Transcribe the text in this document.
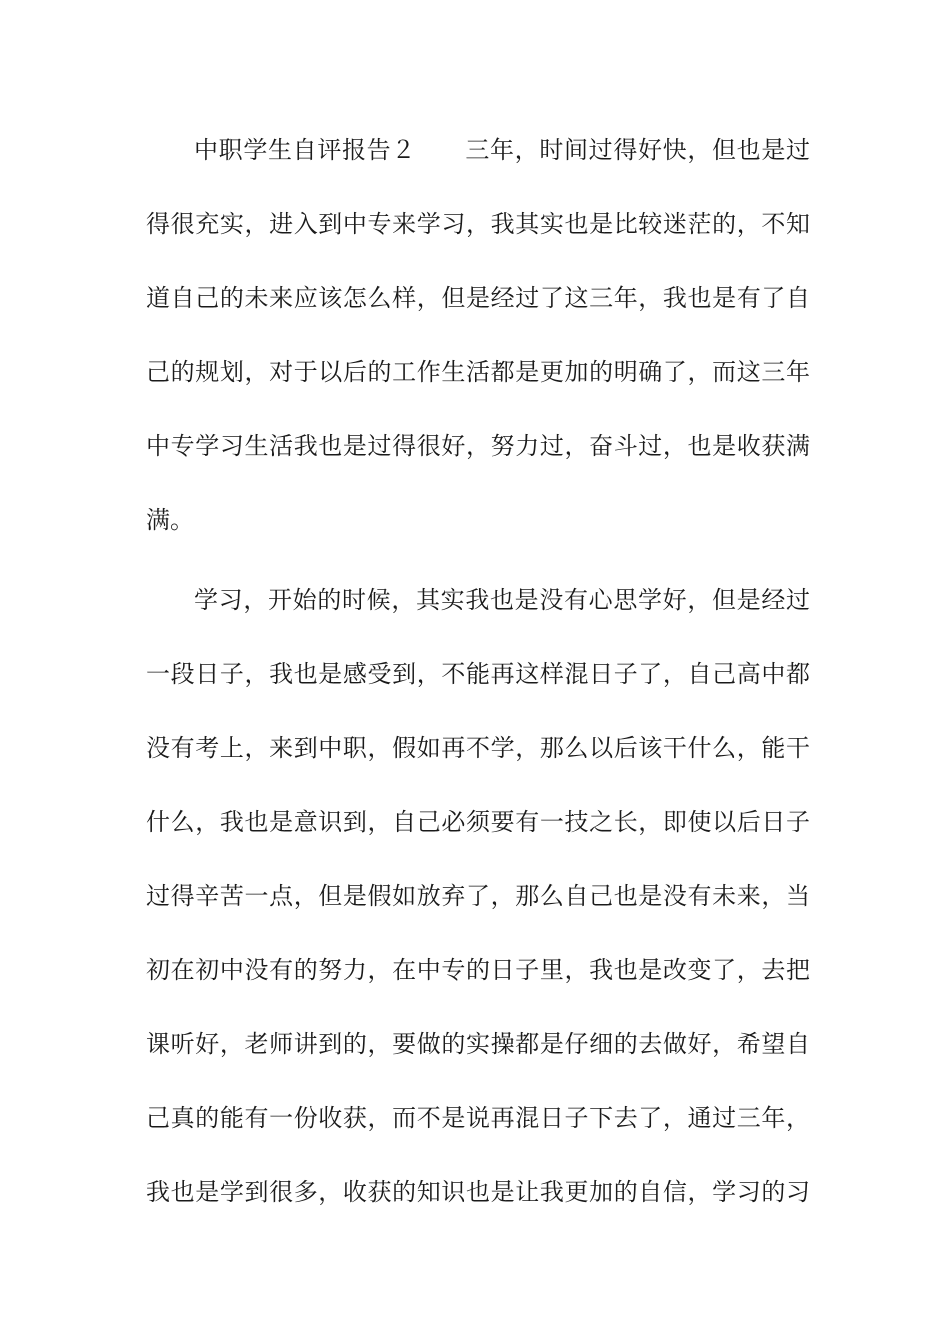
中职学生自评报告２　　三年，时间过得好快，但也是过
得很充实，进入到中专来学习，我其实也是比较迷茫的，不知
道自己的未来应该怎么样，但是经过了这三年，我也是有了自
己的规划，对于以后的工作生活都是更加的明确了，而这三年
中专学习生活我也是过得很好，努力过，奋斗过，也是收获满
满。
学习，开始的时候，其实我也是没有心思学好，但是经过
一段日子，我也是感受到，不能再这样混日子了，自己高中都
没有考上，来到中职，假如再不学，那么以后该干什么，能干
什么，我也是意识到，自己必须要有一技之长，即使以后日子
过得辛苦一点，但是假如放弃了，那么自己也是没有未来，当
初在初中没有的努力，在中专的日子里，我也是改变了，去把
课听好，老师讲到的，要做的实操都是仔细的去做好，希望自
己真的能有一份收获，而不是说再混日子下去了，通过三年，
我也是学到很多，收获的知识也是让我更加的自信，学习的习
